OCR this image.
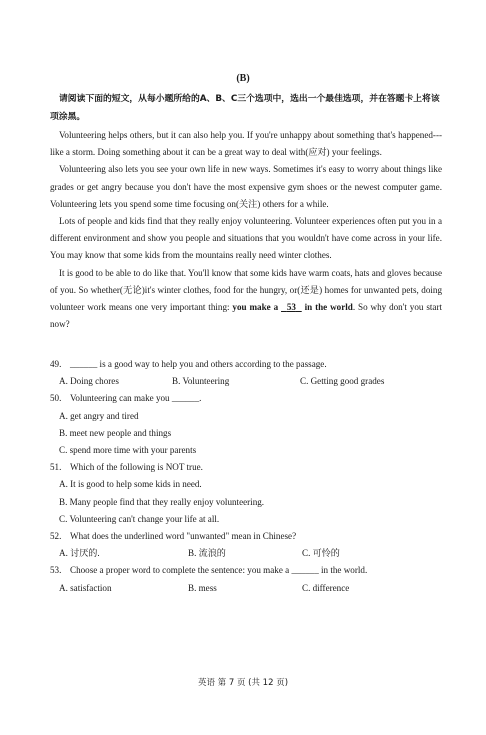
(B)
请阅读下面的短文，从每小题所给的A、B、C三个选项中，选出一个最佳选项，并在答题卡上将该项涂黑。

Volunteering helps others, but it can also help you. If you're unhappy about something that's happened---like a storm. Doing something about it can be a great way to deal with(应对) your feelings.

Volunteering also lets you see your own life in new ways. Sometimes it's easy to worry about things like grades or get angry because you don't have the most expensive gym shoes or the newest computer game. Volunteering lets you spend some time focusing on(关注) others for a while.

Lots of people and kids find that they really enjoy volunteering. Volunteer experiences often put you in a different environment and show you people and situations that you wouldn't have come across in your life. You may know that some kids from the mountains really need winter clothes.

It is good to be able to do like that. You'll know that some kids have warm coats, hats and gloves because of you. So whether(无论)it's winter clothes, food for the hungry, or(还是) homes for unwanted pets, doing volunteer work means one very important thing: you make a   53   in the world. So why don't you start now?

49. ______ is a good way to help you and others according to the passage.
A. Doing chores	B. Volunteering	C. Getting good grades
50. Volunteering can make you ______.
A. get angry and tired
B. meet new people and things
C. spend more time with your parents
51. Which of the following is NOT true.
A. It is good to help some kids in need.
B. Many people find that they really enjoy volunteering.
C. Volunteering can't change your life at all.
52. What does the underlined word "unwanted" mean in Chinese?
A. 讨厌的.	B. 流浪的	C. 可怜的
53. Choose a proper word to complete the sentence: you make a ______ in the world.
A. satisfaction	B. mess	C. difference
英语 第 7 页 (共 12 页)
